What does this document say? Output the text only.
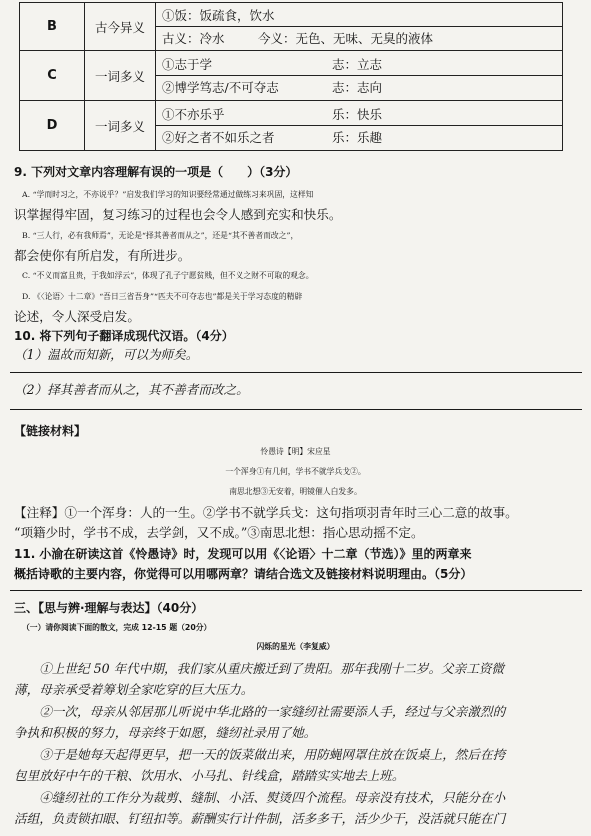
B	古今异义	①饭：饭疏食，饮水
古义：冷水 今义：无色、无味、无臭的液体

C	一词多义	①志于学 志：立志
②博学笃志/不可夺志 志：志向

D	一词多义	①不亦乐乎 乐：快乐
②好之者不如乐之者 乐：乐趣
9. 下列对文章内容理解有误的一项是（　　）（3分）
A. “学而时习之，不亦说乎？”启发我们学习的知识要经常通过做练习来巩固，这样知
识掌握得牢固，复习练习的过程也会令人感到充实和快乐。
B. “三人行，必有我师焉”，无论是“择其善者而从之”，还是“其不善者而改之”，
都会使你有所启发，有所进步。
C. “不义而富且贵，于我如浮云”，体现了孔子宁愿贫贱，但不义之财不可取的观念。
D. 《〈论语〉十二章》“吾日三省吾身”“匹夫不可夺志也”都是关于学习态度的精辟
论述，令人深受启发。
10. 将下列句子翻译成现代汉语。（4分）
（1）温故而知新，可以为师矣。
（2）择其善者而从之，其不善者而改之。
【链接材料】
怜愚诗【明】宋应星
一个浑身①有几何，学书不就学兵戈②。
南思北想③无安着，明镜催人白发多。
【注释】①一个浑身：人的一生。②学书不就学兵戈：这句指项羽青年时三心二意的故事。
“项籍少时，学书不成，去学剑，又不成。”③南思北想：指心思动摇不定。
11. 小渝在研读这首《怜愚诗》时，发现可以用《〈论语〉十二章（节选）》里的两章来
概括诗歌的主要内容，你觉得可以用哪两章？请结合选文及链接材料说明理由。（5分）
三、【思与辨·理解与表达】（40分）
（一）请你阅读下面的散文，完成 12-15 题（20分）
闪烁的星光（李复威）
　　①上世纪 50 年代中期，我们家从重庆搬迁到了贵阳。那年我刚十二岁。父亲工资微
薄，母亲承受着筹划全家吃穿的巨大压力。
　　②一次，母亲从邻居那儿听说中华北路的一家缝纫社需要添人手，经过与父亲激烈的
争执和积极的努力，母亲终于如愿，缝纫社录用了她。
　　③于是她每天起得更早，把一天的饭菜做出来，用防蝇网罩住放在饭桌上，然后在挎
包里放好中午的干粮、饮用水、小马扎、针线盒，踏踏实实地去上班。
　　④缝纫社的工作分为裁剪、缝制、小活、熨烫四个流程。母亲没有技术，只能分在小
活组，负责锁扣眼、钉纽扣等。薪酬实行计件制，活多多干，活少少干，没活就只能在门
